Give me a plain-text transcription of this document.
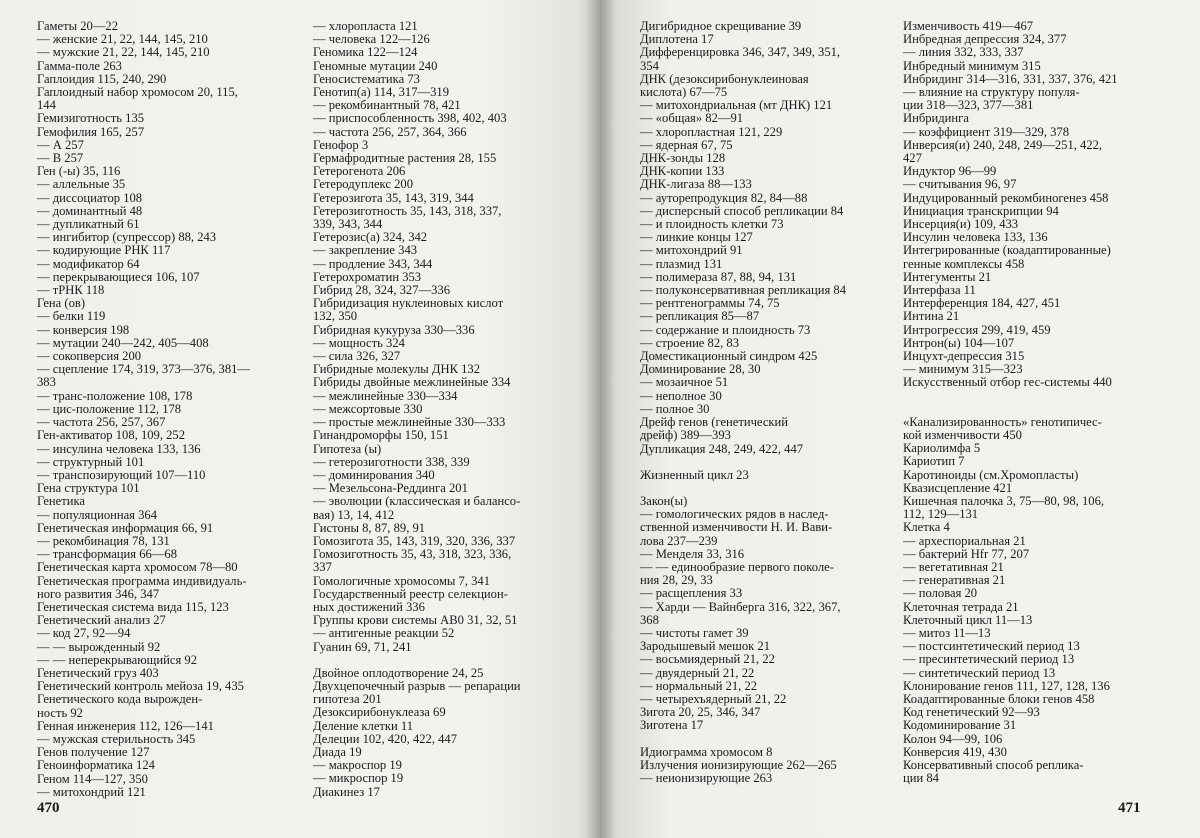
Гаметы 20—22
— женские 21, 22, 144, 145, 210
— мужские 21, 22, 144, 145, 210
Гамма-поле 263
Гаплоидия 115, 240, 290
Гаплоидный набор хромосом 20, 115,
144
Гемизиготность 135
Гемофилия 165, 257
— А 257
— В 257
Ген (-ы) 35, 116
— аллельные 35
— диссоциатор 108
— доминантный 48
— дупликатный 61
— ингибитор (супрессор) 88, 243
— кодирующие РНК 117
— модификатор 64
— перекрывающиеся 106, 107
— тРНК 118
Гена (ов)
— белки 119
— конверсия 198
— мутации 240—242, 405—408
— сокопверсия 200
— сцепление 174, 319, 373—376, 381—
383
— транс-положение 108, 178
— цис-положение 112, 178
— частота 256, 257, 367
Ген-активатор 108, 109, 252
— инсулина человека 133, 136
— структурный 101
— транспозирующий 107—110
Гена структура 101
Генетика
— популяционная 364
Генетическая информация 66, 91
— рекомбинация 78, 131
— трансформация 66—68
Генетическая карта хромосом 78—80
Генетическая программа индивидуаль-
ного развития 346, 347
Генетическая система вида 115, 123
Генетический анализ 27
— код 27, 92—94
— — вырожденный 92
— — неперекрывающийся 92
Генетический груз 403
Генетический контроль мейоза 19, 435
Генетического кода вырожден-
ность 92
Генная инженерия 112, 126—141
— мужская стерильность 345
Генов получение 127
Геноинформатика 124
Геном 114—127, 350
— митохондрий 121
— хлоропласта 121
— человека 122—126
Геномика 122—124
Геномные мутации 240
Геносистематика 73
Генотип(а) 114, 317—319
— рекомбинантный 78, 421
— приспособленность 398, 402, 403
— частота 256, 257, 364, 366
Генофор 3
Гермафродитные растения 28, 155
Гетерогенота 206
Гетеродуплекс 200
Гетерозигота 35, 143, 319, 344
Гетерозиготность 35, 143, 318, 337,
339, 343, 344
Гетерозис(а) 324, 342
— закрепление 343
— продление 343, 344
Гетерохроматин 353
Гибрид 28, 324, 327—336
Гибридизация нуклеиновых кислот
132, 350
Гибридная кукуруза 330—336
— мощность 324
— сила 326, 327
Гибридные молекулы ДНК 132
Гибриды двойные межлинейные 334
— межлинейные 330—334
— межсортовые 330
— простые межлинейные 330—333
Гинандроморфы 150, 151
Гипотеза (ы)
— гетерозиготности 338, 339
— доминирования 340
— Мезельсона-Реддинга 201
— эволюции (классическая и балансо-
вая) 13, 14, 412
Гистоны 8, 87, 89, 91
Гомозигота 35, 143, 319, 320, 336, 337
Гомозиготность 35, 43, 318, 323, 336,
337
Гомологичные хромосомы 7, 341
Государственный реестр селекцион-
ных достижений 336
Группы крови системы АВ0 31, 32, 51
— антигенные реакции 52
Гуанин 69, 71, 241
Двойное оплодотворение 24, 25
Двухцепочечный разрыв — репарации
гипотеза 201
Дезоксирибонуклеаза 69
Деление клетки 11
Делеции 102, 420, 422, 447
Диада 19
— макроспор 19
— микроспор 19
Диакинез 17
470
Дигибридное скрещивание 39
Диплотена 17
Дифференцировка 346, 347, 349, 351,
354
ДНК (дезоксирибонуклеиновая
кислота) 67—75
— митохондриальная (мт ДНК) 121
— «общая» 82—91
— хлоропластная 121, 229
— ядерная 67, 75
ДНК-зонды 128
ДНК-копии 133
ДНК-лигаза 88—133
— ауторепродукция 82, 84—88
— дисперсный способ репликации 84
— и плоидность клетки 73
— линкие концы 127
— митохондрий 91
— плазмид 131
— полимераза 87, 88, 94, 131
— полуконсервативная репликация 84
— рентгенограммы 74, 75
— репликация 85—87
— содержание и плоидность 73
— строение 82, 83
Доместикационный синдром 425
Доминирование 28, 30
— мозаичное 51
— неполное 30
— полное 30
Дрейф генов (генетический
дрейф) 389—393
Дупликация 248, 249, 422, 447
Жизненный цикл 23
Закон(ы)
— гомологических рядов в наслед-
ственной изменчивости Н. И. Вави-
лова 237—239
— Менделя 33, 316
— — единообразие первого поколе-
ния 28, 29, 33
— расщепления 33
— Харди — Вайнберга 316, 322, 367,
368
— чистоты гамет 39
Зародышевый мешок 21
— восьмиядерный 21, 22
— двуядерный 21, 22
— нормальный 21, 22
— четырехъядерный 21, 22
Зигота 20, 25, 346, 347
Зиготена 17
Идиограмма хромосом 8
Излучения ионизирующие 262—265
— неионизирующие 263
Изменчивость 419—467
Инбредная депрессия 324, 377
— линия 332, 333, 337
Инбредный минимум 315
Инбридинг 314—316, 331, 337, 376, 421
— влияние на структуру популя-
ции 318—323, 377—381
Инбридинга
— коэффициент 319—329, 378
Инверсия(и) 240, 248, 249—251, 422,
427
Индуктор 96—99
— считывания 96, 97
Индуцированный рекомбиногенез 458
Инициация транскрипции 94
Инсерция(и) 109, 433
Инсулин человека 133, 136
Интегрированные (коадаптированные)
генные комплексы 458
Интегументы 21
Интерфаза 11
Интерференция 184, 427, 451
Интина 21
Интрогрессия 299, 419, 459
Интрон(ы) 104—107
Инцухт-депрессия 315
— минимум 315—323
Искусственный отбор гес-системы 440
«Канализированность» генотипичес-
кой изменчивости 450
Кариолимфа 5
Кариотип 7
Каротиноиды (см.Хромопласты)
Квазисцепление 421
Кишечная палочка 3, 75—80, 98, 106,
112, 129—131
Клетка 4
— археспориальная 21
— бактерий Hfr 77, 207
— вегетативная 21
— генеративная 21
— половая 20
Клеточная тетрада 21
Клеточный цикл 11—13
— митоз 11—13
— постсинтетический период 13
— пресинтетический период 13
— синтетический период 13
Клонирование генов 111, 127, 128, 136
Коадаптированные блоки генов 458
Код генетический 92—93
Кодоминирование 31
Колон 94—99, 106
Конверсия 419, 430
Консервативный способ реплика-
ции 84
471
